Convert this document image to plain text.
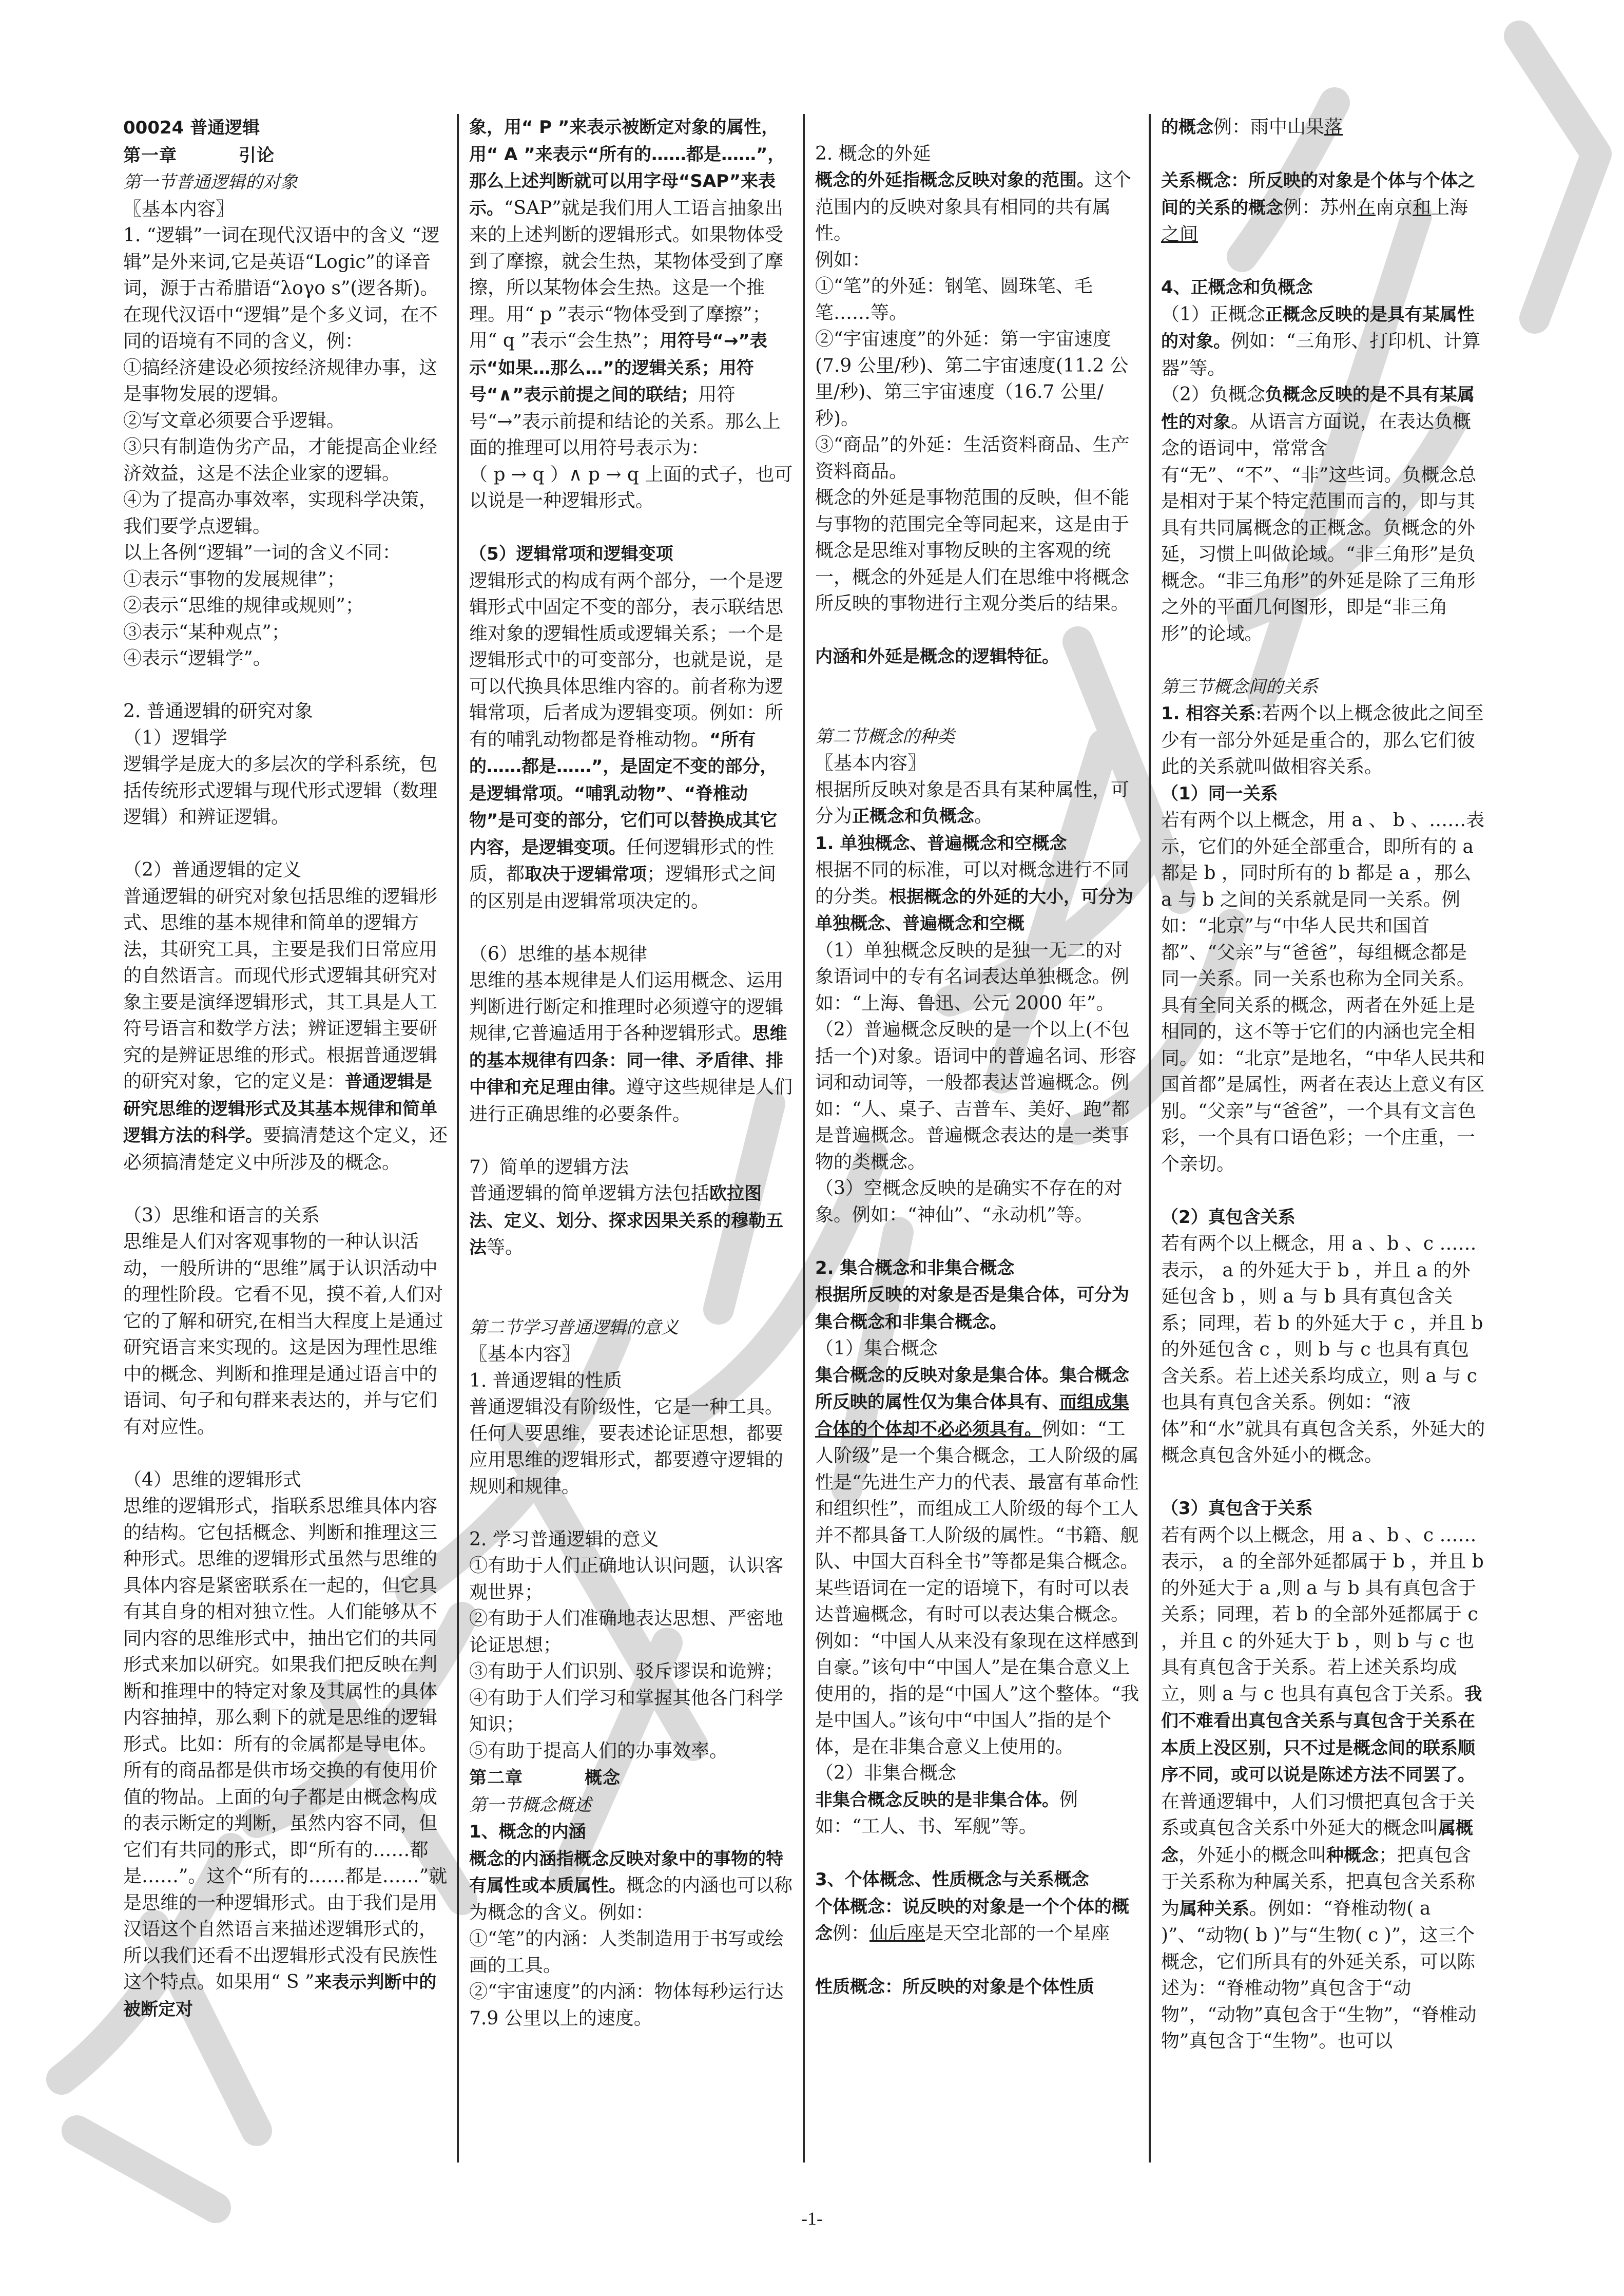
00024 普通逻辑

第一章	引论

第一节普通逻辑的对象

〖基本内容〗

1. “逻辑”一词在现代汉语中的含义 “逻辑”是外来词,它是英语“Logic”的译音词，源于古希腊语“λογο s”(逻各斯)。在现代汉语中“逻辑”是个多义词，在不同的语境有不同的含义，例：

①搞经济建设必须按经济规律办事，这是事物发展的逻辑。

②写文章必须要合乎逻辑。

③只有制造伪劣产品，才能提高企业经济效益，这是不法企业家的逻辑。

④为了提高办事效率，实现科学决策，我们要学点逻辑。

以上各例“逻辑”一词的含义不同：

①表示“事物的发展规律”；

②表示“思维的规律或规则”；

③表示“某种观点”；

④表示“逻辑学”。

2. 普通逻辑的研究对象

（1）逻辑学

逻辑学是庞大的多层次的学科系统，包括传统形式逻辑与现代形式逻辑（数理逻辑）和辨证逻辑。

（2）普通逻辑的定义

普通逻辑的研究对象包括思维的逻辑形式、思维的基本规律和简单的逻辑方法，其研究工具，主要是我们日常应用的自然语言。而现代形式逻辑其研究对象主要是演绎逻辑形式，其工具是人工符号语言和数学方法；辨证逻辑主要研究的是辨证思维的形式。根据普通逻辑的研究对象，它的定义是：普通逻辑是研究思维的逻辑形式及其基本规律和简单逻辑方法的科学。要搞清楚这个定义，还必须搞清楚定义中所涉及的概念。

（3）思维和语言的关系

思维是人们对客观事物的一种认识活动，一般所讲的“思维”属于认识活动中的理性阶段。它看不见，摸不着,人们对它的了解和研究,在相当大程度上是通过研究语言来实现的。这是因为理性思维中的概念、判断和推理是通过语言中的语词、句子和句群来表达的，并与它们有对应性。

（4）思维的逻辑形式

思维的逻辑形式，指联系思维具体内容的结构。它包括概念、判断和推理这三种形式。思维的逻辑形式虽然与思维的具体内容是紧密联系在一起的，但它具有其自身的相对独立性。人们能够从不同内容的思维形式中，抽出它们的共同形式来加以研究。如果我们把反映在判断和推理中的特定对象及其属性的具体内容抽掉，那么剩下的就是思维的逻辑形式。比如：所有的金属都是导电体。所有的商品都是供市场交换的有使用价值的物品。上面的句子都是由概念构成的表示断定的判断，虽然内容不同，但它们有共同的形式，即“所有的……都是……”。这个“所有的……都是……”就是思维的一种逻辑形式。由于我们是用汉语这个自然语言来描述逻辑形式的，所以我们还看不出逻辑形式没有民族性这个特点。如果用“ S ”来表示判断中的被断定对

象，用“ P ”来表示被断定对象的属性，用“ A ”来表示“所有的……都是……”，那么上述判断就可以用字母“SAP”来表示。“SAP”就是我们用人工语言抽象出来的上述判断的逻辑形式。如果物体受到了摩擦，就会生热，某物体受到了摩擦，所以某物体会生热。这是一个推理。用“ p ”表示“物体受到了摩擦”；用“ q ”表示“会生热”；用符号“→”表示“如果…那么…”的逻辑关系；用符号“∧”表示前提之间的联结；用符号“→”表示前提和结论的关系。那么上面的推理可以用符号表示为：

（ p → q ）∧ p → q 上面的式子，也可以说是一种逻辑形式。

（5）逻辑常项和逻辑变项

逻辑形式的构成有两个部分，一个是逻辑形式中固定不变的部分，表示联结思维对象的逻辑性质或逻辑关系；一个是逻辑形式中的可变部分，也就是说，是可以代换具体思维内容的。前者称为逻辑常项，后者成为逻辑变项。例如：所有的哺乳动物都是脊椎动物。“所有的……都是……”，是固定不变的部分，是逻辑常项。“哺乳动物”、“脊椎动物”是可变的部分，它们可以替换成其它内容，是逻辑变项。任何逻辑形式的性质，都取决于逻辑常项；逻辑形式之间的区别是由逻辑常项决定的。

（6）思维的基本规律

思维的基本规律是人们运用概念、运用判断进行断定和推理时必须遵守的逻辑规律,它普遍适用于各种逻辑形式。思维的基本规律有四条：同一律、矛盾律、排中律和充足理由律。遵守这些规律是人们进行正确思维的必要条件。

7）简单的逻辑方法

普通逻辑的简单逻辑方法包括欧拉图法、定义、划分、探求因果关系的穆勒五法等。

第二节学习普通逻辑的意义

〖基本内容〗

1. 普通逻辑的性质

普通逻辑没有阶级性，它是一种工具。任何人要思维，要表述论证思想，都要应用思维的逻辑形式，都要遵守逻辑的规则和规律。

2. 学习普通逻辑的意义

①有助于人们正确地认识问题，认识客观世界；

②有助于人们准确地表达思想、严密地论证思想；

③有助于人们识别、驳斥谬误和诡辨；

④有助于人们学习和掌握其他各门科学知识；

⑤有助于提高人们的办事效率。

第二章	概念

第一节概念概述

1、概念的内涵

概念的内涵指概念反映对象中的事物的特有属性或本质属性。概念的内涵也可以称为概念的含义。例如：

①“笔”的内涵：人类制造用于书写或绘画的工具。

②“宇宙速度”的内涵：物体每秒运行达 7.9 公里以上的速度。

2. 概念的外延

概念的外延指概念反映对象的范围。这个范围内的反映对象具有相同的共有属性。

例如：

①“笔”的外延：钢笔、圆珠笔、毛笔……等。

②“宇宙速度”的外延：第一宇宙速度(7.9 公里/秒)、第二宇宙速度(11.2 公里/秒)、第三宇宙速度（16.7 公里/秒)。

③“商品”的外延：生活资料商品、生产资料商品。

概念的外延是事物范围的反映，但不能与事物的范围完全等同起来，这是由于概念是思维对事物反映的主客观的统一，概念的外延是人们在思维中将概念所反映的事物进行主观分类后的结果。

内涵和外延是概念的逻辑特征。

第二节概念的种类

〖基本内容〗

根据所反映对象是否具有某种属性，可分为正概念和负概念。

1. 单独概念、普遍概念和空概念

根据不同的标准，可以对概念进行不同的分类。根据概念的外延的大小，可分为单独概念、普遍概念和空概

（1）单独概念反映的是独一无二的对象语词中的专有名词表达单独概念。例如：“上海、鲁迅、公元 2000 年”。

（2）普遍概念反映的是一个以上(不包括一个)对象。语词中的普遍名词、形容词和动词等，一般都表达普遍概念。例如：“人、桌子、吉普车、美好、跑”都是普遍概念。普遍概念表达的是一类事物的类概念。

（3）空概念反映的是确实不存在的对象。例如：“神仙”、“永动机”等。

2. 集合概念和非集合概念

根据所反映的对象是否是集合体，可分为集合概念和非集合概念。

（1）集合概念

集合概念的反映对象是集合体。集合概念所反映的属性仅为集合体具有、而组成集合体的个体却不必必须具有。例如：“工人阶级”是一个集合概念，工人阶级的属性是“先进生产力的代表、最富有革命性和组织性”，而组成工人阶级的每个工人并不都具备工人阶级的属性。“书籍、舰队、中国大百科全书”等都是集合概念。某些语词在一定的语境下，有时可以表达普遍概念，有时可以表达集合概念。例如：“中国人从来没有象现在这样感到自豪。”该句中“中国人”是在集合意义上使用的，指的是“中国人”这个整体。“我是中国人。”该句中“中国人”指的是个体，是在非集合意义上使用的。

（2）非集合概念

非集合概念反映的是非集合体。例如：“工人、书、军舰”等。

3、个体概念、性质概念与关系概念

个体概念：说反映的对象是一个个体的概念例：仙后座是天空北部的一个星座

性质概念：所反映的对象是个体性质

的概念例：雨中山果落

关系概念：所反映的对象是个体与个体之间的关系的概念例：苏州在南京和上海之间

4、正概念和负概念

（1）正概念正概念反映的是具有某属性的对象。例如：“三角形、打印机、计算器”等。

（2）负概念负概念反映的是不具有某属性的对象。从语言方面说，在表达负概念的语词中，常常含有“无”、“不”、“非”这些词。负概念总是相对于某个特定范围而言的，即与其具有共同属概念的正概念。负概念的外延，习惯上叫做论域。“非三角形”是负概念。“非三角形”的外延是除了三角形之外的平面几何图形，即是“非三角形”的论域。

第三节概念间的关系

1. 相容关系:若两个以上概念彼此之间至少有一部分外延是重合的，那么它们彼此的关系就叫做相容关系。

（1）同一关系

若有两个以上概念，用 a 、 b 、……表示，它们的外延全部重合，即所有的 a 都是 b ，同时所有的 b 都是 a ，那么 a 与 b 之间的关系就是同一关系。例如：“北京”与“中华人民共和国首都”、“父亲”与“爸爸”，每组概念都是同一关系。同一关系也称为全同关系。具有全同关系的概念，两者在外延上是相同的，这不等于它们的内涵也完全相同。如：“北京”是地名，“中华人民共和国首都”是属性，两者在表达上意义有区别。“父亲”与“爸爸”，一个具有文言色彩，一个具有口语色彩；一个庄重，一个亲切。

（2）真包含关系

若有两个以上概念，用 a 、b 、c ……表示， a 的外延大于 b ，并且 a 的外延包含 b ，则 a 与 b 具有真包含关系；同理，若 b 的外延大于 c ，并且 b 的外延包含 c ，则 b 与 c 也具有真包含关系。若上述关系均成立，则 a 与 c 也具有真包含关系。例如：“液体”和“水”就具有真包含关系，外延大的概念真包含外延小的概念。

（3）真包含于关系

若有两个以上概念，用 a 、b 、c ……表示， a 的全部外延都属于 b ，并且 b 的外延大于 a ,则 a 与 b 具有真包含于关系；同理，若 b 的全部外延都属于 c ，并且 c 的外延大于 b ，则 b 与 c 也具有真包含于关系。若上述关系均成立，则 a 与 c 也具有真包含于关系。我们不难看出真包含关系与真包含于关系在本质上没区别，只不过是概念间的联系顺序不同，或可以说是陈述方法不同罢了。在普通逻辑中，人们习惯把真包含于关系或真包含关系中外延大的概念叫属概念，外延小的概念叫种概念；把真包含于关系称为种属关系，把真包含关系称为属种关系。例如：“脊椎动物( a )”、“动物( b )”与“生物( c )”，这三个概念，它们所具有的外延关系，可以陈述为：“脊椎动物”真包含于“动物”，“动物”真包含于“生物”，“脊椎动物”真包含于“生物”。也可以

-1-
